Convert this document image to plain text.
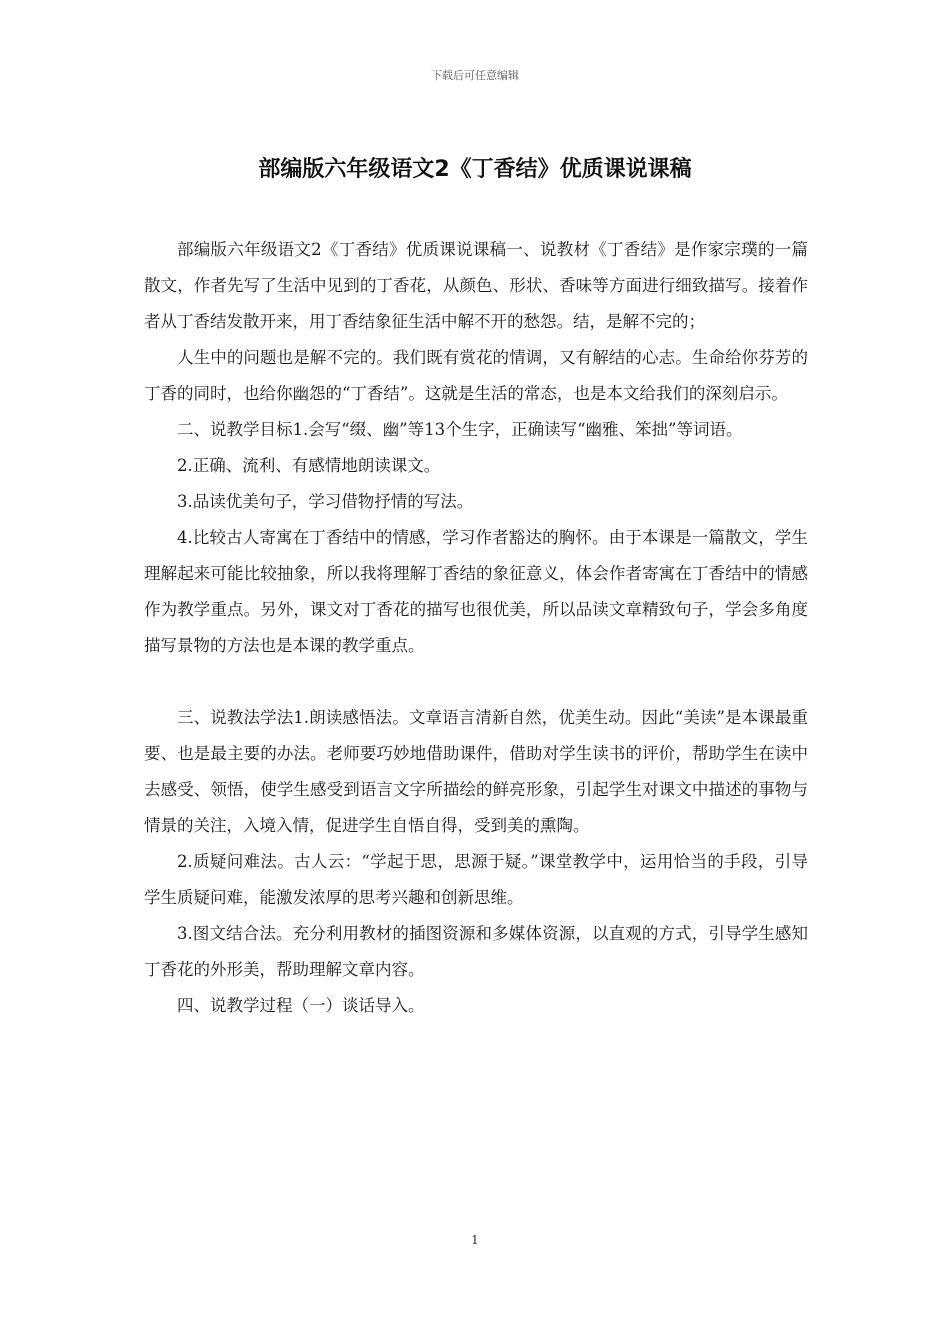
下载后可任意编辑
部编版六年级语文2《丁香结》优质课说课稿

部编版六年级语文2《丁香结》优质课说课稿一、说教材《丁香结》是作家宗璞的一篇散文，作者先写了生活中见到的丁香花，从颜色、形状、香味等方面进行细致描写。接着作者从丁香结发散开来，用丁香结象征生活中解不开的愁怨。结，是解不完的；

人生中的问题也是解不完的。我们既有赏花的情调，又有解结的心志。生命给你芬芳的丁香的同时，也给你幽怨的“丁香结”。这就是生活的常态，也是本文给我们的深刻启示。

二、说教学目标1.会写“缀、幽”等13个生字，正确读写“幽雅、笨拙”等词语。

2.正确、流利、有感情地朗读课文。

3.品读优美句子，学习借物抒情的写法。

4.比较古人寄寓在丁香结中的情感，学习作者豁达的胸怀。由于本课是一篇散文，学生理解起来可能比较抽象，所以我将理解丁香结的象征意义，体会作者寄寓在丁香结中的情感作为教学重点。另外，课文对丁香花的描写也很优美，所以品读文章精致句子，学会多角度描写景物的方法也是本课的教学重点。

三、说教法学法1.朗读感悟法。文章语言清新自然，优美生动。因此“美读”是本课最重要、也是最主要的办法。老师要巧妙地借助课件，借助对学生读书的评价，帮助学生在读中去感受、领悟，使学生感受到语言文字所描绘的鲜亮形象，引起学生对课文中描述的事物与情景的关注，入境入情，促进学生自悟自得，受到美的熏陶。

2.质疑问难法。古人云：“学起于思，思源于疑。”课堂教学中，运用恰当的手段，引导学生质疑问难，能激发浓厚的思考兴趣和创新思维。

3.图文结合法。充分利用教材的插图资源和多媒体资源，以直观的方式，引导学生感知丁香花的外形美，帮助理解文章内容。

四、说教学过程（一）谈话导入。

1
